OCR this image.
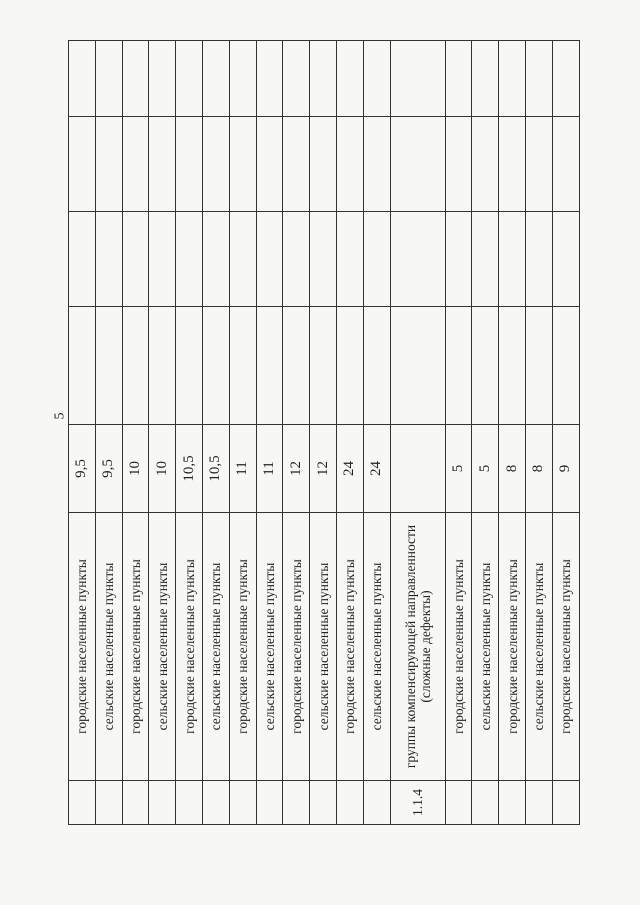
5
	городские населенные пункты	9,5				
	сельские населенные пункты	9,5				
	городские населенные пункты	10				
	сельские населенные пункты	10				
	городские населенные пункты	10,5				
	сельские населенные пункты	10,5				
	городские населенные пункты	11				
	сельские населенные пункты	11				
	городские населенные пункты	12				
	сельские населенные пункты	12				
	городские населенные пункты	24				
	сельские населенные пункты	24				
1.1.4	группы компенсирующей направленности (сложные дефекты)					
	городские населенные пункты	5				
	сельские населенные пункты	5				
	городские населенные пункты	8				
	сельские населенные пункты	8				
	городские населенные пункты	9				
